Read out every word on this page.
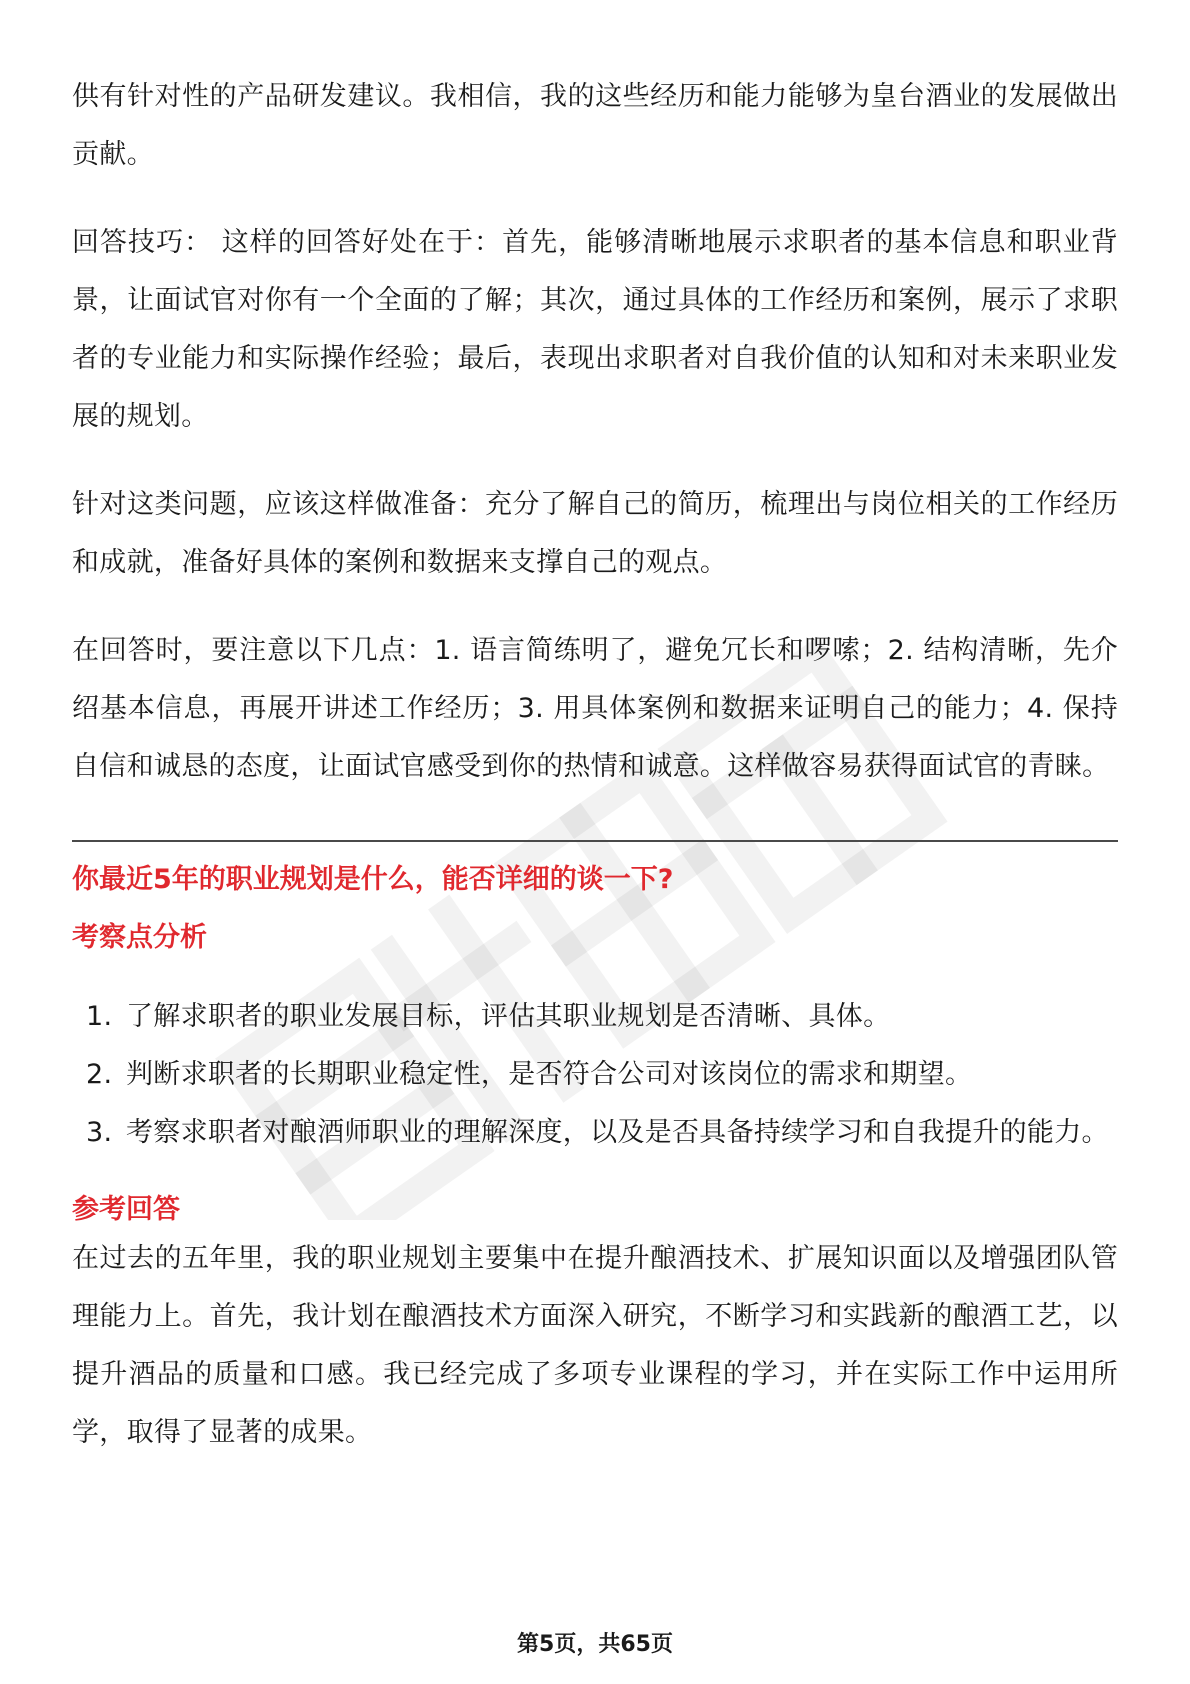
供有针对性的产品研发建议。我相信，我的这些经历和能力能够为皇台酒业的发展做出贡献。

回答技巧： 这样的回答好处在于：首先，能够清晰地展示求职者的基本信息和职业背景，让面试官对你有一个全面的了解；其次，通过具体的工作经历和案例，展示了求职者的专业能力和实际操作经验；最后，表现出求职者对自我价值的认知和对未来职业发展的规划。

针对这类问题，应该这样做准备：充分了解自己的简历，梳理出与岗位相关的工作经历和成就，准备好具体的案例和数据来支撑自己的观点。

在回答时，要注意以下几点：1. 语言简练明了，避免冗长和啰嗦；2. 结构清晰，先介绍基本信息，再展开讲述工作经历；3. 用具体案例和数据来证明自己的能力；4. 保持自信和诚恳的态度，让面试官感受到你的热情和诚意。这样做容易获得面试官的青睐。

你最近5年的职业规划是什么，能否详细的谈一下?

考察点分析

1. 了解求职者的职业发展目标，评估其职业规划是否清晰、具体。
2. 判断求职者的长期职业稳定性，是否符合公司对该岗位的需求和期望。
3. 考察求职者对酿酒师职业的理解深度，以及是否具备持续学习和自我提升的能力。

参考回答

在过去的五年里，我的职业规划主要集中在提升酿酒技术、扩展知识面以及增强团队管理能力上。首先，我计划在酿酒技术方面深入研究，不断学习和实践新的酿酒工艺，以提升酒品的质量和口感。我已经完成了多项专业课程的学习，并在实际工作中运用所学，取得了显著的成果。

第5页，共65页
